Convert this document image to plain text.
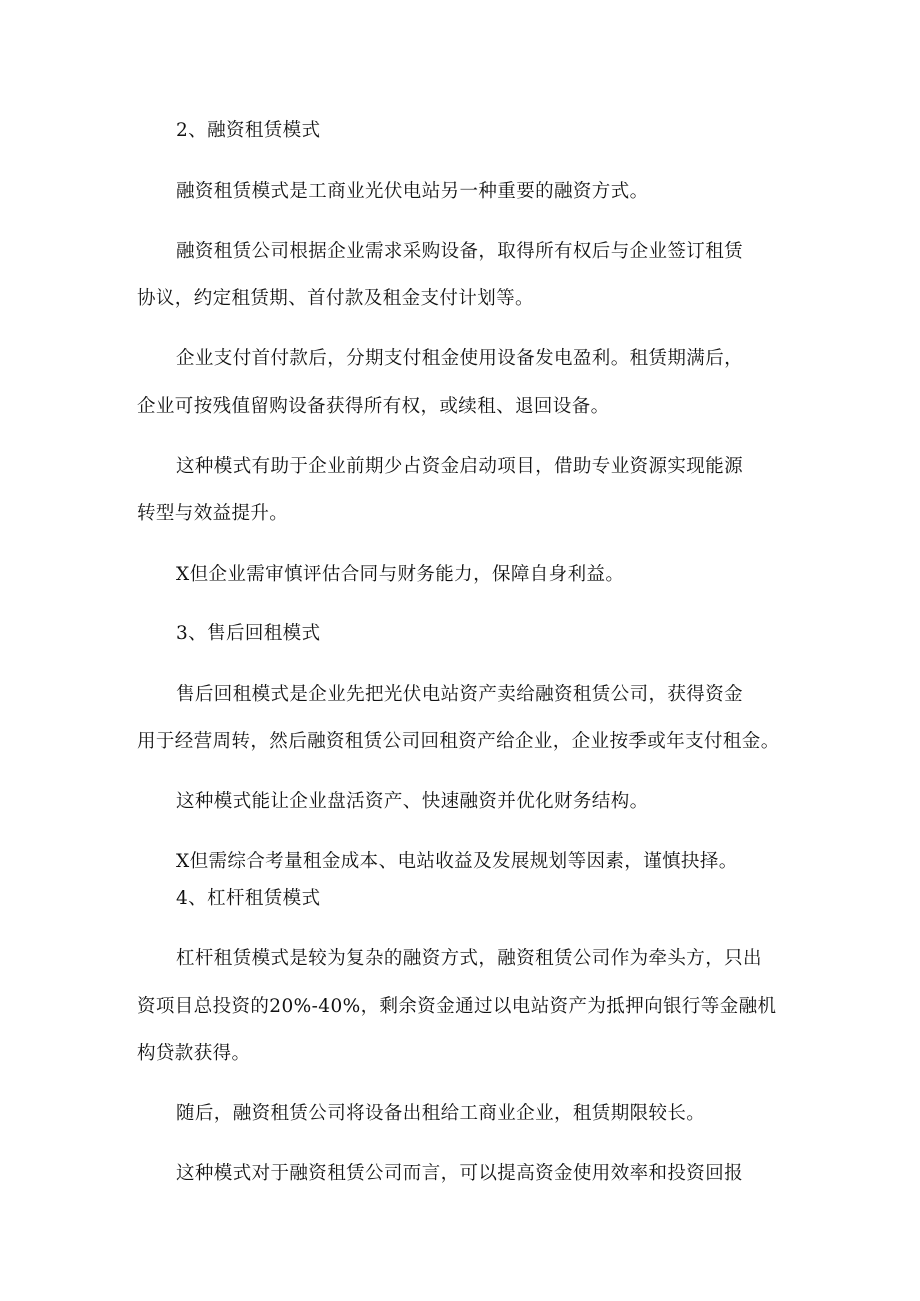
2、融资租赁模式

融资租赁模式是工商业光伏电站另一种重要的融资方式。

融资租赁公司根据企业需求采购设备，取得所有权后与企业签订租赁

协议，约定租赁期、首付款及租金支付计划等。

企业支付首付款后，分期支付租金使用设备发电盈利。租赁期满后，

企业可按残值留购设备获得所有权，或续租、退回设备。

这种模式有助于企业前期少占资金启动项目，借助专业资源实现能源

转型与效益提升。

X但企业需审慎评估合同与财务能力，保障自身利益。

3、售后回租模式

售后回租模式是企业先把光伏电站资产卖给融资租赁公司，获得资金

用于经营周转，然后融资租赁公司回租资产给企业，企业按季或年支付租金。

这种模式能让企业盘活资产、快速融资并优化财务结构。

X但需综合考量租金成本、电站收益及发展规划等因素，谨慎抉择。

4、杠杆租赁模式

杠杆租赁模式是较为复杂的融资方式，融资租赁公司作为牵头方，只出

资项目总投资的20%-40%，剩余资金通过以电站资产为抵押向银行等金融机

构贷款获得。

随后，融资租赁公司将设备出租给工商业企业，租赁期限较长。

这种模式对于融资租赁公司而言，可以提高资金使用效率和投资回报
